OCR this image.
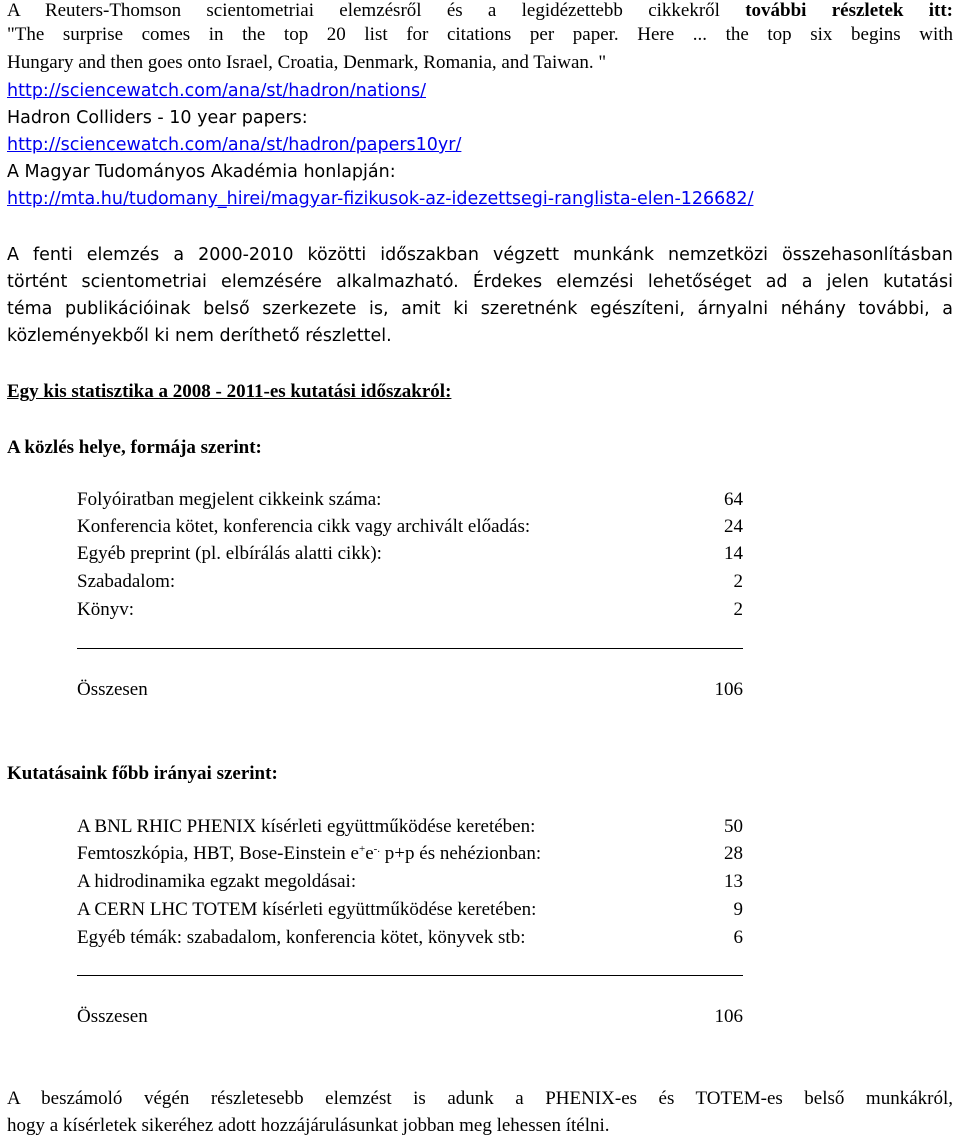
A Reuters-Thomson scientometriai elemzésről és a legidézettebb cikkekről további részletek itt:
"The surprise comes in the top 20 list for citations per paper. Here ... the top six begins with
Hungary and then goes onto Israel, Croatia, Denmark, Romania, and Taiwan. "
http://sciencewatch.com/ana/st/hadron/nations/
Hadron Colliders - 10 year papers:
http://sciencewatch.com/ana/st/hadron/papers10yr/
A Magyar Tudományos Akadémia honlapján:
http://mta.hu/tudomany_hirei/magyar-fizikusok-az-idezettsegi-ranglista-elen-126682/
A fenti elemzés a 2000-2010 közötti időszakban végzett munkánk nemzetközi összehasonlításban
történt scientometriai elemzésére alkalmazható. Érdekes elemzési lehetőséget ad a jelen kutatási
téma publikációinak belső szerkezete is, amit ki szeretnénk egészíteni, árnyalni néhány további, a
közleményekből ki nem deríthető részlettel.
Egy kis statisztika a 2008 - 2011-es kutatási időszakról:
A közlés helye, formája szerint:
Folyóiratban megjelent cikkeink száma:	64
Konferencia kötet, konferencia cikk vagy archivált előadás:	24
Egyéb preprint (pl. elbírálás alatti cikk):	14
Szabadalom:	2
Könyv:	2
Összesen	106
Kutatásaink főbb irányai szerint:
A BNL RHIC PHENIX kísérleti együttműködése keretében:	50
Femtoszkópia, HBT, Bose-Einstein e+e-. p+p és nehézionban:	28
A hidrodinamika egzakt megoldásai:	13
A CERN LHC TOTEM kísérleti együttműködése keretében:	9
Egyéb témák: szabadalom, konferencia kötet, könyvek stb:	6
Összesen	106
A beszámoló végén részletesebb elemzést is adunk a PHENIX-es és TOTEM-es belső munkákról,
hogy a kísérletek sikeréhez adott hozzájárulásunkat jobban meg lehessen ítélni.
